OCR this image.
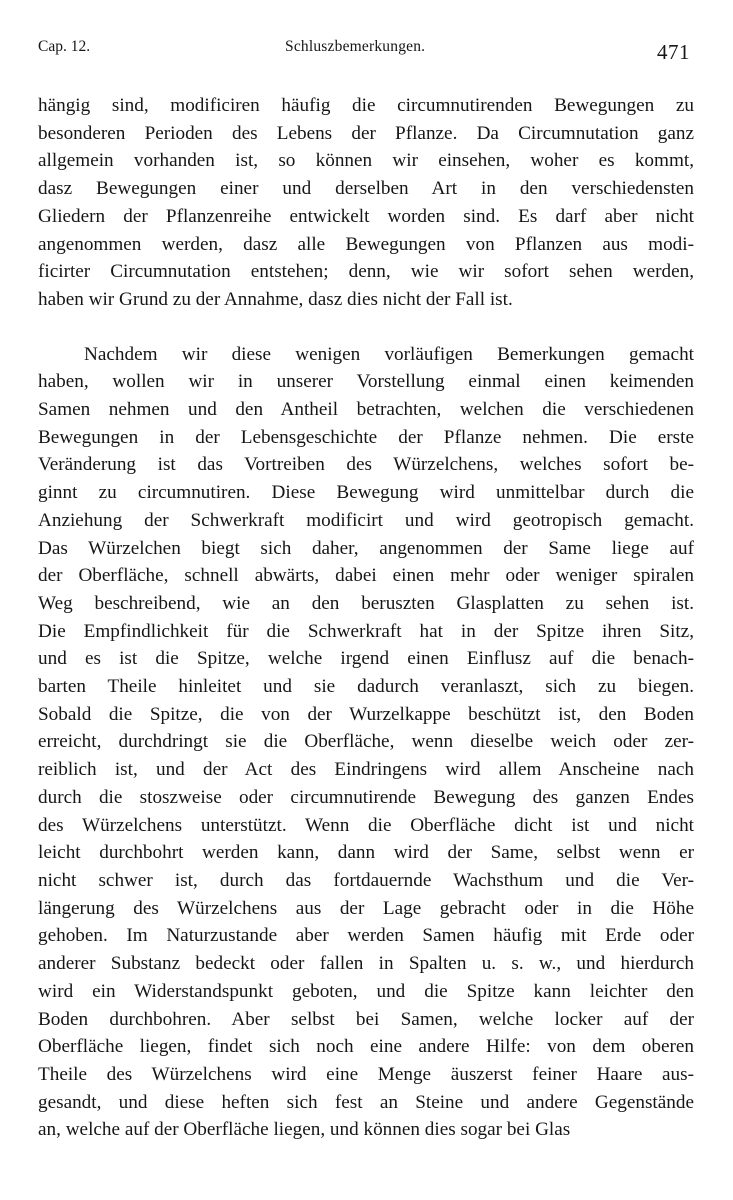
Cap. 12.	Schluszbemerkungen.	471

hängig sind, modificiren häufig die circumnutirenden Bewegungen zu
besonderen Perioden des Lebens der Pflanze. Da Circumnutation ganz
allgemein vorhanden ist, so können wir einsehen, woher es kommt,
dasz Bewegungen einer und derselben Art in den verschiedensten
Gliedern der Pflanzenreihe entwickelt worden sind. Es darf aber nicht
angenommen werden, dasz alle Bewegungen von Pflanzen aus modi-
ficirter Circumnutation entstehen; denn, wie wir sofort sehen werden,
haben wir Grund zu der Annahme, dasz dies nicht der Fall ist.

Nachdem wir diese wenigen vorläufigen Bemerkungen gemacht
haben, wollen wir in unserer Vorstellung einmal einen keimenden
Samen nehmen und den Antheil betrachten, welchen die verschiedenen
Bewegungen in der Lebensgeschichte der Pflanze nehmen. Die erste
Veränderung ist das Vortreiben des Würzelchens, welches sofort be-
ginnt zu circumnutiren. Diese Bewegung wird unmittelbar durch die
Anziehung der Schwerkraft modificirt und wird geotropisch gemacht.
Das Würzelchen biegt sich daher, angenommen der Same liege auf
der Oberfläche, schnell abwärts, dabei einen mehr oder weniger spiralen
Weg beschreibend, wie an den beruszten Glasplatten zu sehen ist.
Die Empfindlichkeit für die Schwerkraft hat in der Spitze ihren Sitz,
und es ist die Spitze, welche irgend einen Einflusz auf die benach-
barten Theile hinleitet und sie dadurch veranlaszt, sich zu biegen.
Sobald die Spitze, die von der Wurzelkappe beschützt ist, den Boden
erreicht, durchdringt sie die Oberfläche, wenn dieselbe weich oder zer-
reiblich ist, und der Act des Eindringens wird allem Anscheine nach
durch die stoszweise oder circumnutirende Bewegung des ganzen Endes
des Würzelchens unterstützt. Wenn die Oberfläche dicht ist und nicht
leicht durchbohrt werden kann, dann wird der Same, selbst wenn er
nicht schwer ist, durch das fortdauernde Wachsthum und die Ver-
längerung des Würzelchens aus der Lage gebracht oder in die Höhe
gehoben. Im Naturzustande aber werden Samen häufig mit Erde oder
anderer Substanz bedeckt oder fallen in Spalten u. s. w., und hierdurch
wird ein Widerstandspunkt geboten, und die Spitze kann leichter den
Boden durchbohren. Aber selbst bei Samen, welche locker auf der
Oberfläche liegen, findet sich noch eine andere Hilfe: von dem oberen
Theile des Würzelchens wird eine Menge äuszerst feiner Haare aus-
gesandt, und diese heften sich fest an Steine und andere Gegenstände
an, welche auf der Oberfläche liegen, und können dies sogar bei Glas
